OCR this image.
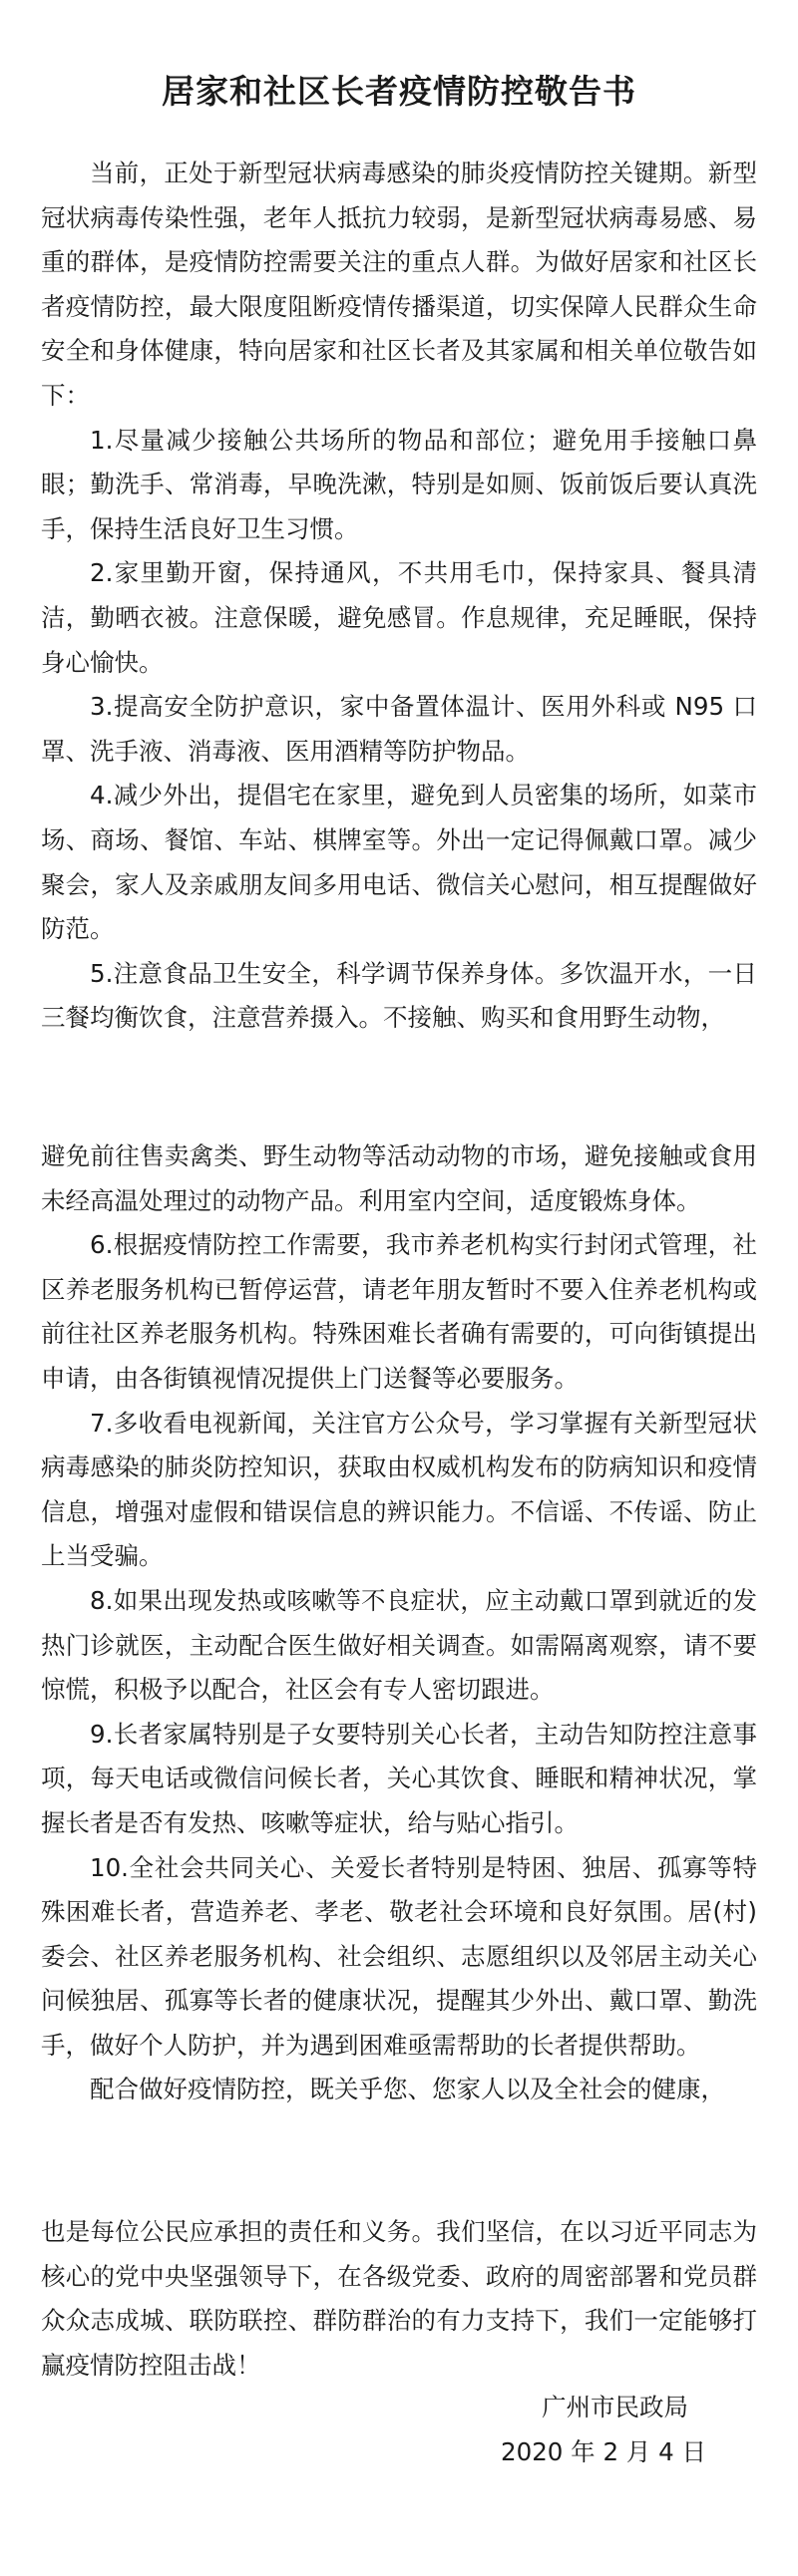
居家和社区长者疫情防控敬告书

当前，正处于新型冠状病毒感染的肺炎疫情防控关键期。新型冠状病毒传染性强，老年人抵抗力较弱，是新型冠状病毒易感、易重的群体，是疫情防控需要关注的重点人群。为做好居家和社区长者疫情防控，最大限度阻断疫情传播渠道，切实保障人民群众生命安全和身体健康，特向居家和社区长者及其家属和相关单位敬告如下：

1.尽量减少接触公共场所的物品和部位；避免用手接触口鼻眼；勤洗手、常消毒，早晚洗漱，特别是如厕、饭前饭后要认真洗手，保持生活良好卫生习惯。

2.家里勤开窗，保持通风，不共用毛巾，保持家具、餐具清洁，勤晒衣被。注意保暖，避免感冒。作息规律，充足睡眠，保持身心愉快。

3.提高安全防护意识，家中备置体温计、医用外科或 N95 口罩、洗手液、消毒液、医用酒精等防护物品。

4.减少外出，提倡宅在家里，避免到人员密集的场所，如菜市场、商场、餐馆、车站、棋牌室等。外出一定记得佩戴口罩。减少聚会，家人及亲戚朋友间多用电话、微信关心慰问，相互提醒做好防范。

5.注意食品卫生安全，科学调节保养身体。多饮温开水，一日三餐均衡饮食，注意营养摄入。不接触、购买和食用野生动物，

避免前往售卖禽类、野生动物等活动动物的市场，避免接触或食用未经高温处理过的动物产品。利用室内空间，适度锻炼身体。

6.根据疫情防控工作需要，我市养老机构实行封闭式管理，社区养老服务机构已暂停运营，请老年朋友暂时不要入住养老机构或前往社区养老服务机构。特殊困难长者确有需要的，可向街镇提出申请，由各街镇视情况提供上门送餐等必要服务。

7.多收看电视新闻，关注官方公众号，学习掌握有关新型冠状病毒感染的肺炎防控知识，获取由权威机构发布的防病知识和疫情信息，增强对虚假和错误信息的辨识能力。不信谣、不传谣、防止上当受骗。

8.如果出现发热或咳嗽等不良症状，应主动戴口罩到就近的发热门诊就医，主动配合医生做好相关调查。如需隔离观察，请不要惊慌，积极予以配合，社区会有专人密切跟进。

9.长者家属特别是子女要特别关心长者，主动告知防控注意事项，每天电话或微信问候长者，关心其饮食、睡眠和精神状况，掌握长者是否有发热、咳嗽等症状，给与贴心指引。

10.全社会共同关心、关爱长者特别是特困、独居、孤寡等特殊困难长者，营造养老、孝老、敬老社会环境和良好氛围。居(村)委会、社区养老服务机构、社会组织、志愿组织以及邻居主动关心问候独居、孤寡等长者的健康状况，提醒其少外出、戴口罩、勤洗手，做好个人防护，并为遇到困难亟需帮助的长者提供帮助。

配合做好疫情防控，既关乎您、您家人以及全社会的健康，

也是每位公民应承担的责任和义务。我们坚信，在以习近平同志为核心的党中央坚强领导下，在各级党委、政府的周密部署和党员群众众志成城、联防联控、群防群治的有力支持下，我们一定能够打赢疫情防控阻击战！

广州市民政局
2020 年 2 月 4 日
